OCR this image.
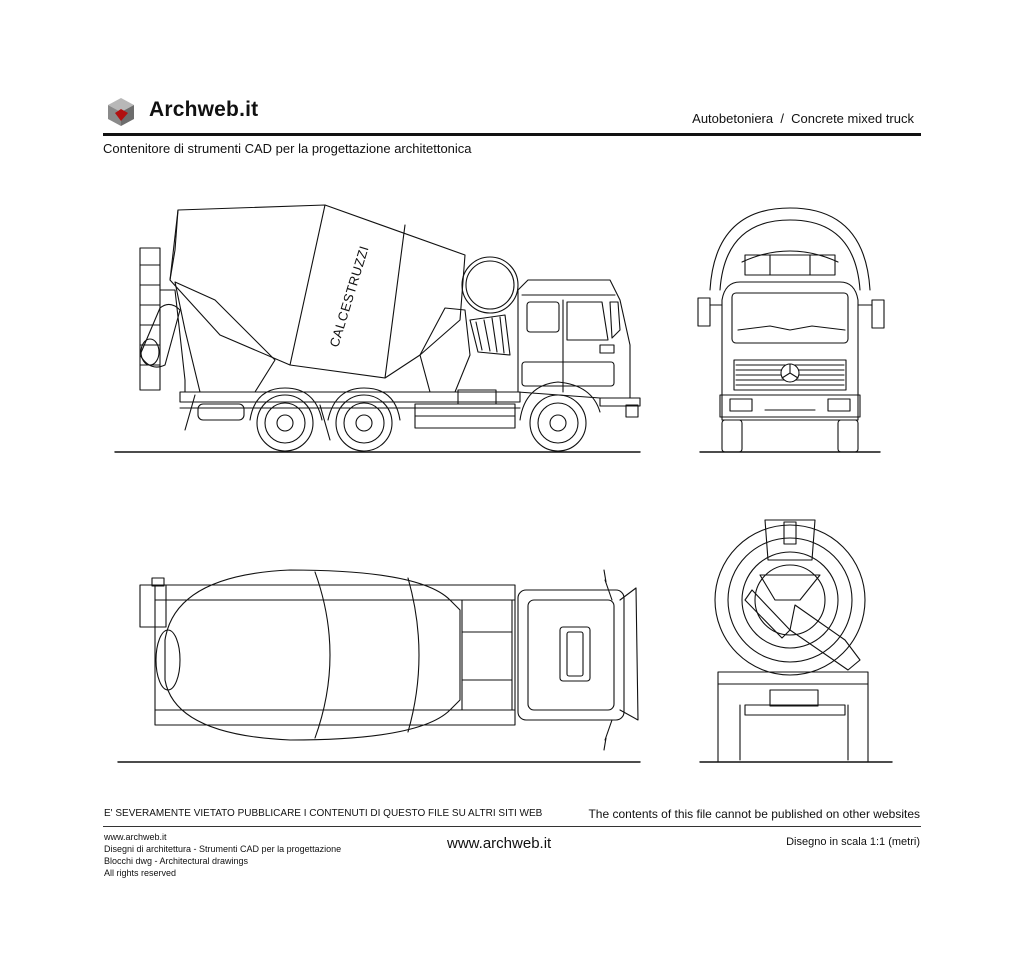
Archweb.it	Autobetoniera  /  Concrete mixed truck
Contenitore di strumenti CAD per la progettazione architettonica
CALCESTRUZZI
E' SEVERAMENTE VIETATO PUBBLICARE I CONTENUTI DI QUESTO FILE SU ALTRI SITI WEB	The contents of this file cannot be published on other websites
www.archweb.it
Disegni di architettura - Strumenti CAD per la progettazione
Blocchi dwg - Architectural drawings
All rights reserved
www.archweb.it	Disegno in scala 1:1 (metri)
